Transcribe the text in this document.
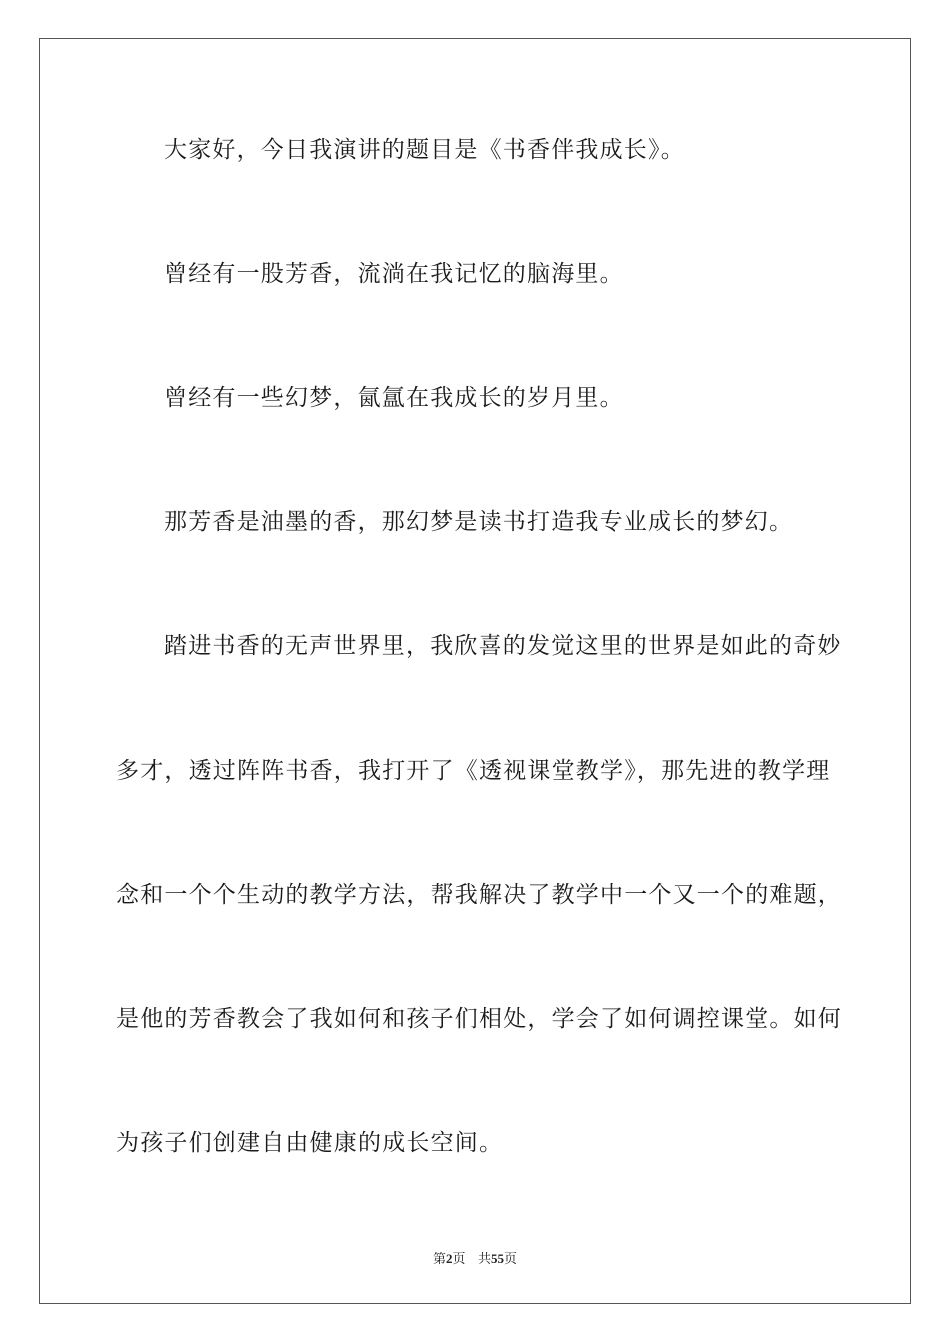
大家好，今日我演讲的题目是《书香伴我成长》。
曾经有一股芳香，流淌在我记忆的脑海里。
曾经有一些幻梦，氤氲在我成长的岁月里。
那芳香是油墨的香，那幻梦是读书打造我专业成长的梦幻。
踏进书香的无声世界里，我欣喜的发觉这里的世界是如此的奇妙
多才，透过阵阵书香，我打开了《透视课堂教学》，那先进的教学理
念和一个个生动的教学方法，帮我解决了教学中一个又一个的难题，
是他的芳香教会了我如何和孩子们相处，学会了如何调控课堂。如何
为孩子们创建自由健康的成长空间。
第2页 共55页
